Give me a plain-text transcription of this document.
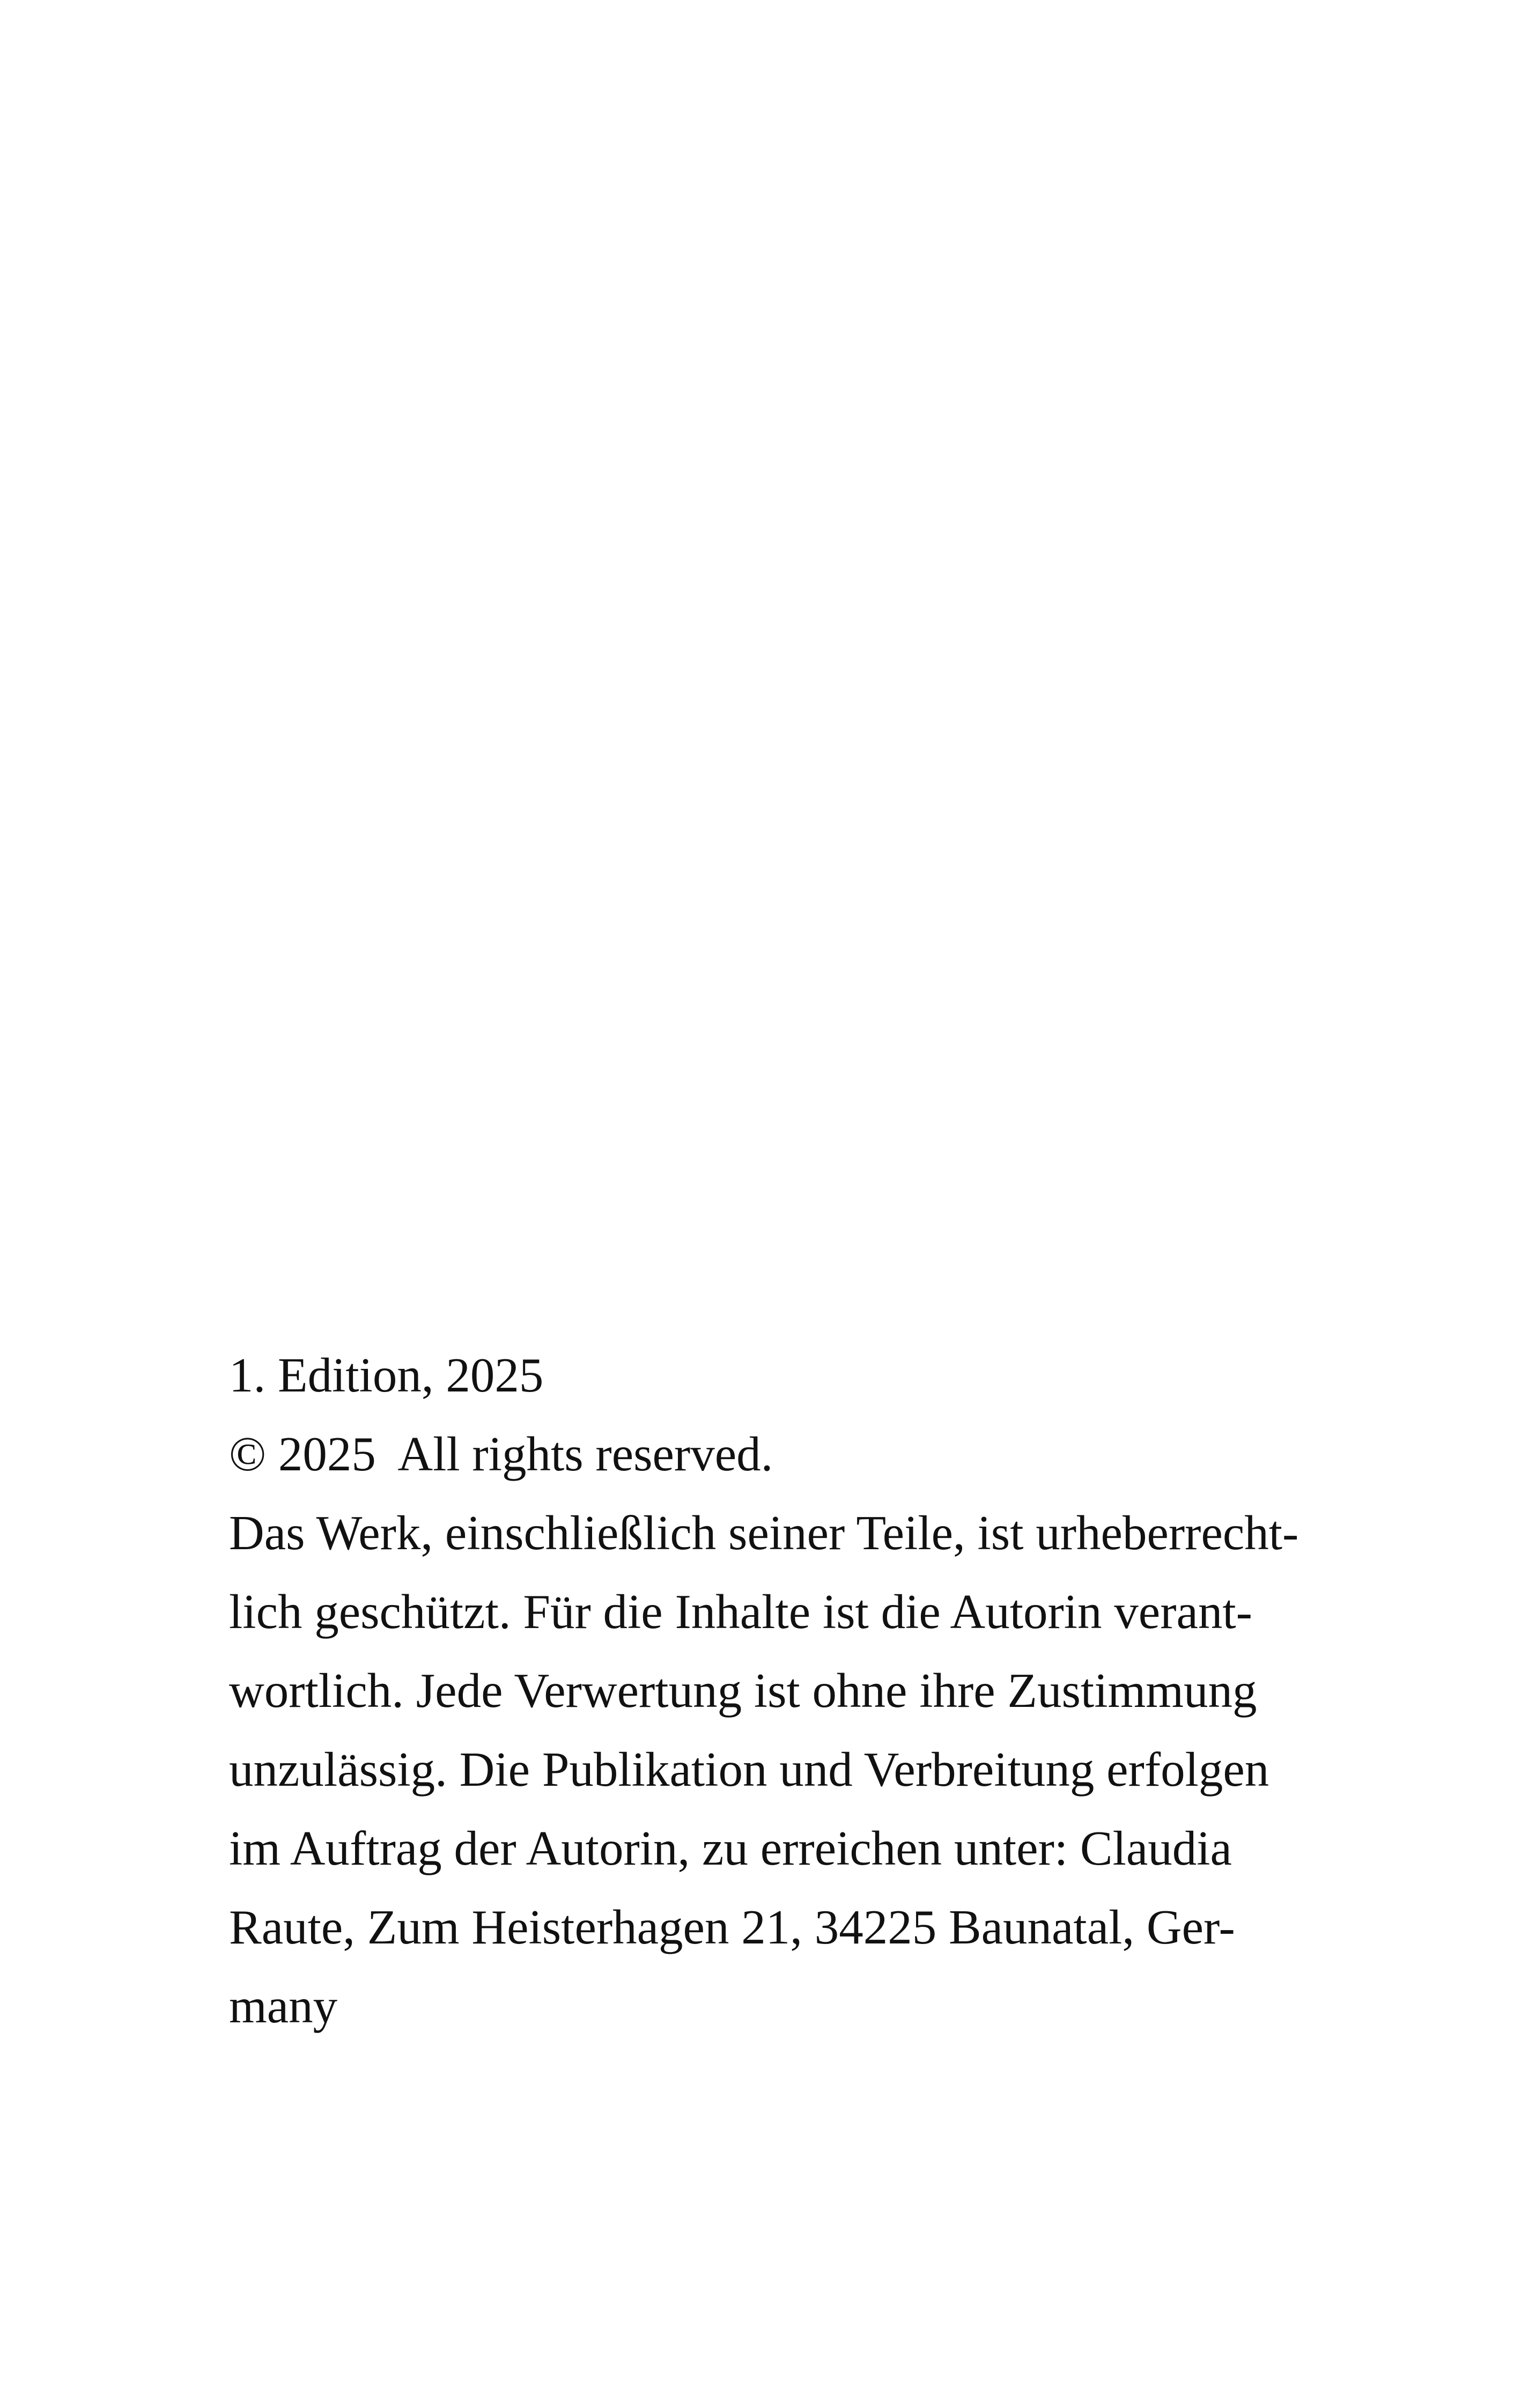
1. Edition, 2025
© 2025  All rights reserved.
Das Werk, einschließlich seiner Teile, ist urheberrecht-
lich geschützt. Für die Inhalte ist die Autorin verant-
wortlich. Jede Verwertung ist ohne ihre Zustimmung
unzulässig. Die Publikation und Verbreitung erfolgen
im Auftrag der Autorin, zu erreichen unter: Claudia
Raute, Zum Heisterhagen 21, 34225 Baunatal, Ger-
many
